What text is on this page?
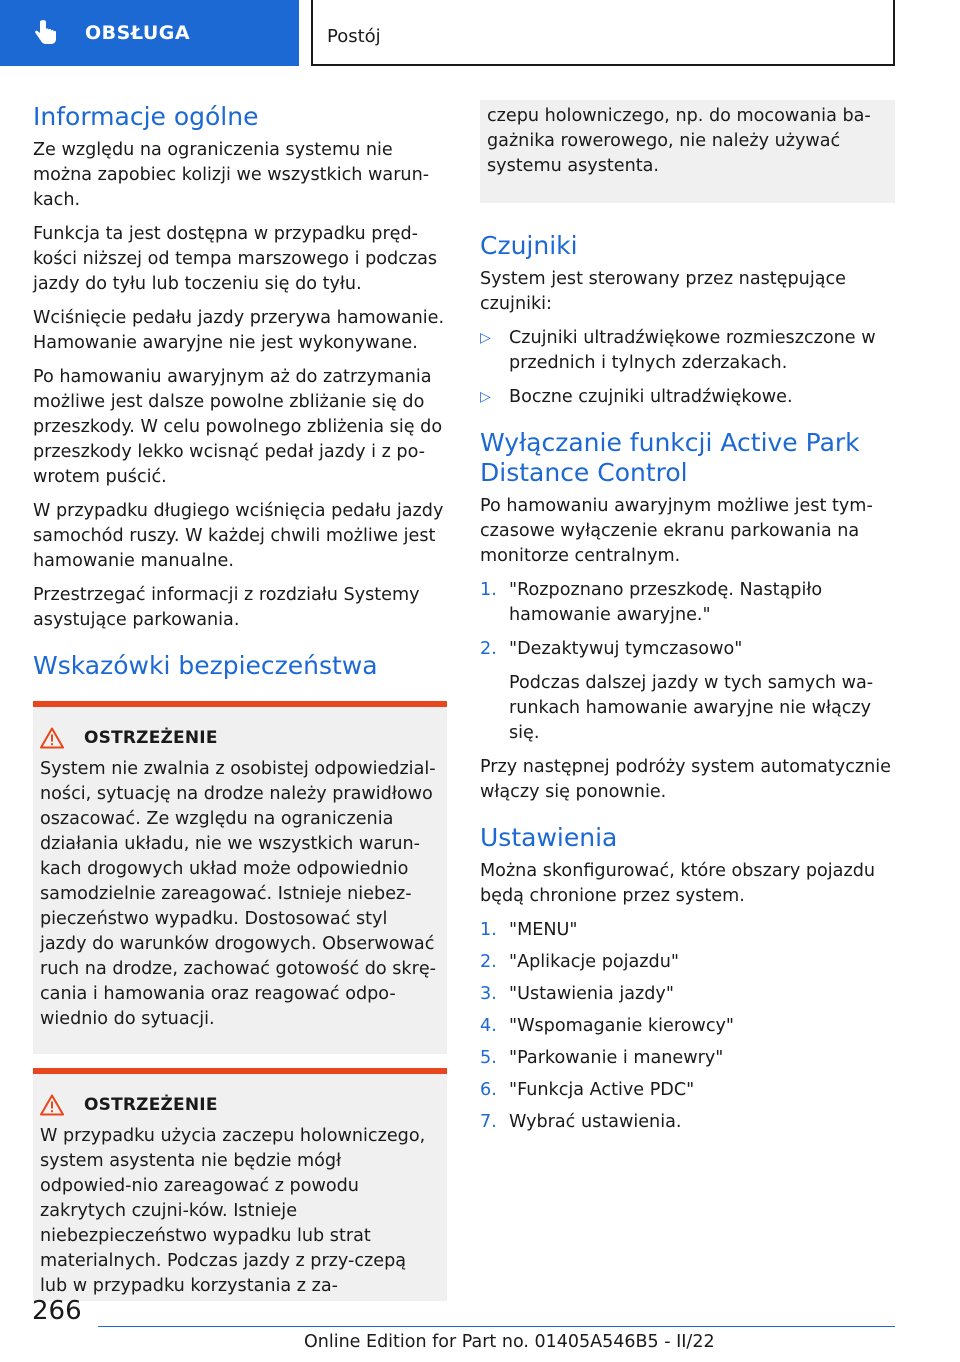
OBSŁUGA	Postój
Informacje ogólne

Ze względu na ograniczenia systemu nie można zapobiec kolizji we wszystkich warun-kach.

Funkcja ta jest dostępna w przypadku pręd-kości niższej od tempa marszowego i podczas jazdy do tyłu lub toczeniu się do tyłu.

Wciśnięcie pedału jazdy przerywa hamowanie. Hamowanie awaryjne nie jest wykonywane.

Po hamowaniu awaryjnym aż do zatrzymania możliwe jest dalsze powolne zbliżanie się do przeszkody. W celu powolnego zbliżenia się do przeszkody lekko wcisnąć pedał jazdy i z po-wrotem puścić.

W przypadku długiego wciśnięcia pedału jazdy samochód ruszy. W każdej chwili możliwe jest hamowanie manualne.

Przestrzegać informacji z rozdziału Systemy asystujące parkowania.

Wskazówki bezpieczeństwa
OSTRZEŻENIE

System nie zwalnia z osobistej odpowiedzial-ności, sytuację na drodze należy prawidłowo oszacować. Ze względu na ograniczenia działania układu, nie we wszystkich warun-kach drogowych układ może odpowiednio samodzielnie zareagować. Istnieje niebez-pieczeństwo wypadku. Dostosować styl jazdy do warunków drogowych. Obserwować ruch na drodze, zachować gotowość do skrę-cania i hamowania oraz reagować odpo-wiednio do sytuacji.

OSTRZEŻENIE

W przypadku użycia zaczepu holowniczego, system asystenta nie będzie mógł odpowied-nio zareagować z powodu zakrytych czujni-ków. Istnieje niebezpieczeństwo wypadku lub strat materialnych. Podczas jazdy z przy-czepą lub w przypadku korzystania z za-

czepu holowniczego, np. do mocowania ba-gażnika rowerowego, nie należy używać systemu asystenta.

Czujniki

System jest sterowany przez następujące czujniki:

▷	Czujniki ultradźwiękowe rozmieszczone w przednich i tylnych zderzakach.
▷	Boczne czujniki ultradźwiękowe.
Wyłączanie funkcji Active Park Distance Control

Po hamowaniu awaryjnym możliwe jest tym-czasowe wyłączenie ekranu parkowania na monitorze centralnym.

1. "Rozpoznano przeszkodę. Nastąpiło hamowanie awaryjne."
2. "Dezaktywuj tymczasowo"

Podczas dalszej jazdy w tych samych wa-runkach hamowanie awaryjne nie włączy się.

Przy następnej podróży system automatycznie włączy się ponownie.

Ustawienia

Można skonfigurować, które obszary pojazdu będą chronione przez system.

1. "MENU"
2. "Aplikacje pojazdu"
3. "Ustawienia jazdy"
4. "Wspomaganie kierowcy"
5. "Parkowanie i manewry"
6. "Funkcja Active PDC"
7. Wybrać ustawienia.
266
Online Edition for Part no. 01405A546B5 - II/22
